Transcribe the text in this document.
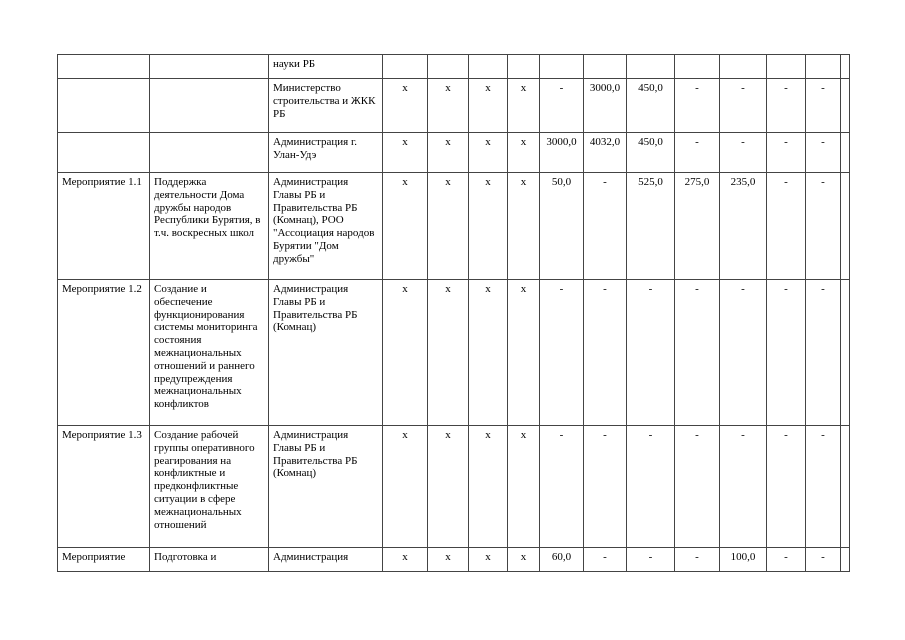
		науки РБ												
		Министерство строительства и ЖКК РБ	х	х	х	х	-	3000,0	450,0	-	-	-	-	
		Администрация г. Улан-Удэ	х	х	х	х	3000,0	4032,0	450,0	-	-	-	-	
Мероприятие 1.1	Поддержка деятельности Дома дружбы народов Республики Бурятия, в т.ч. воскресных школ	Администрация Главы РБ и Правительства РБ (Комнац), РОО "Ассоциация народов Бурятии "Дом дружбы"	х	х	х	х	50,0	-	525,0	275,0	235,0	-	-	
Мероприятие 1.2	Создание и обеспечение функционирования системы мониторинга состояния межнациональных отношений и раннего предупреждения межнациональных конфликтов	Администрация Главы РБ и Правительства РБ (Комнац)	х	х	х	х	-	-	-	-	-	-	-	
Мероприятие 1.3	Создание рабочей группы оперативного реагирования на конфликтные и предконфликтные ситуации в сфере межнациональных отношений	Администрация Главы РБ и Правительства РБ (Комнац)	х	х	х	х	-	-	-	-	-	-	-	
Мероприятие	Подготовка и	Администрация	х	х	х	х	60,0	-	-	-	100,0	-	-	
